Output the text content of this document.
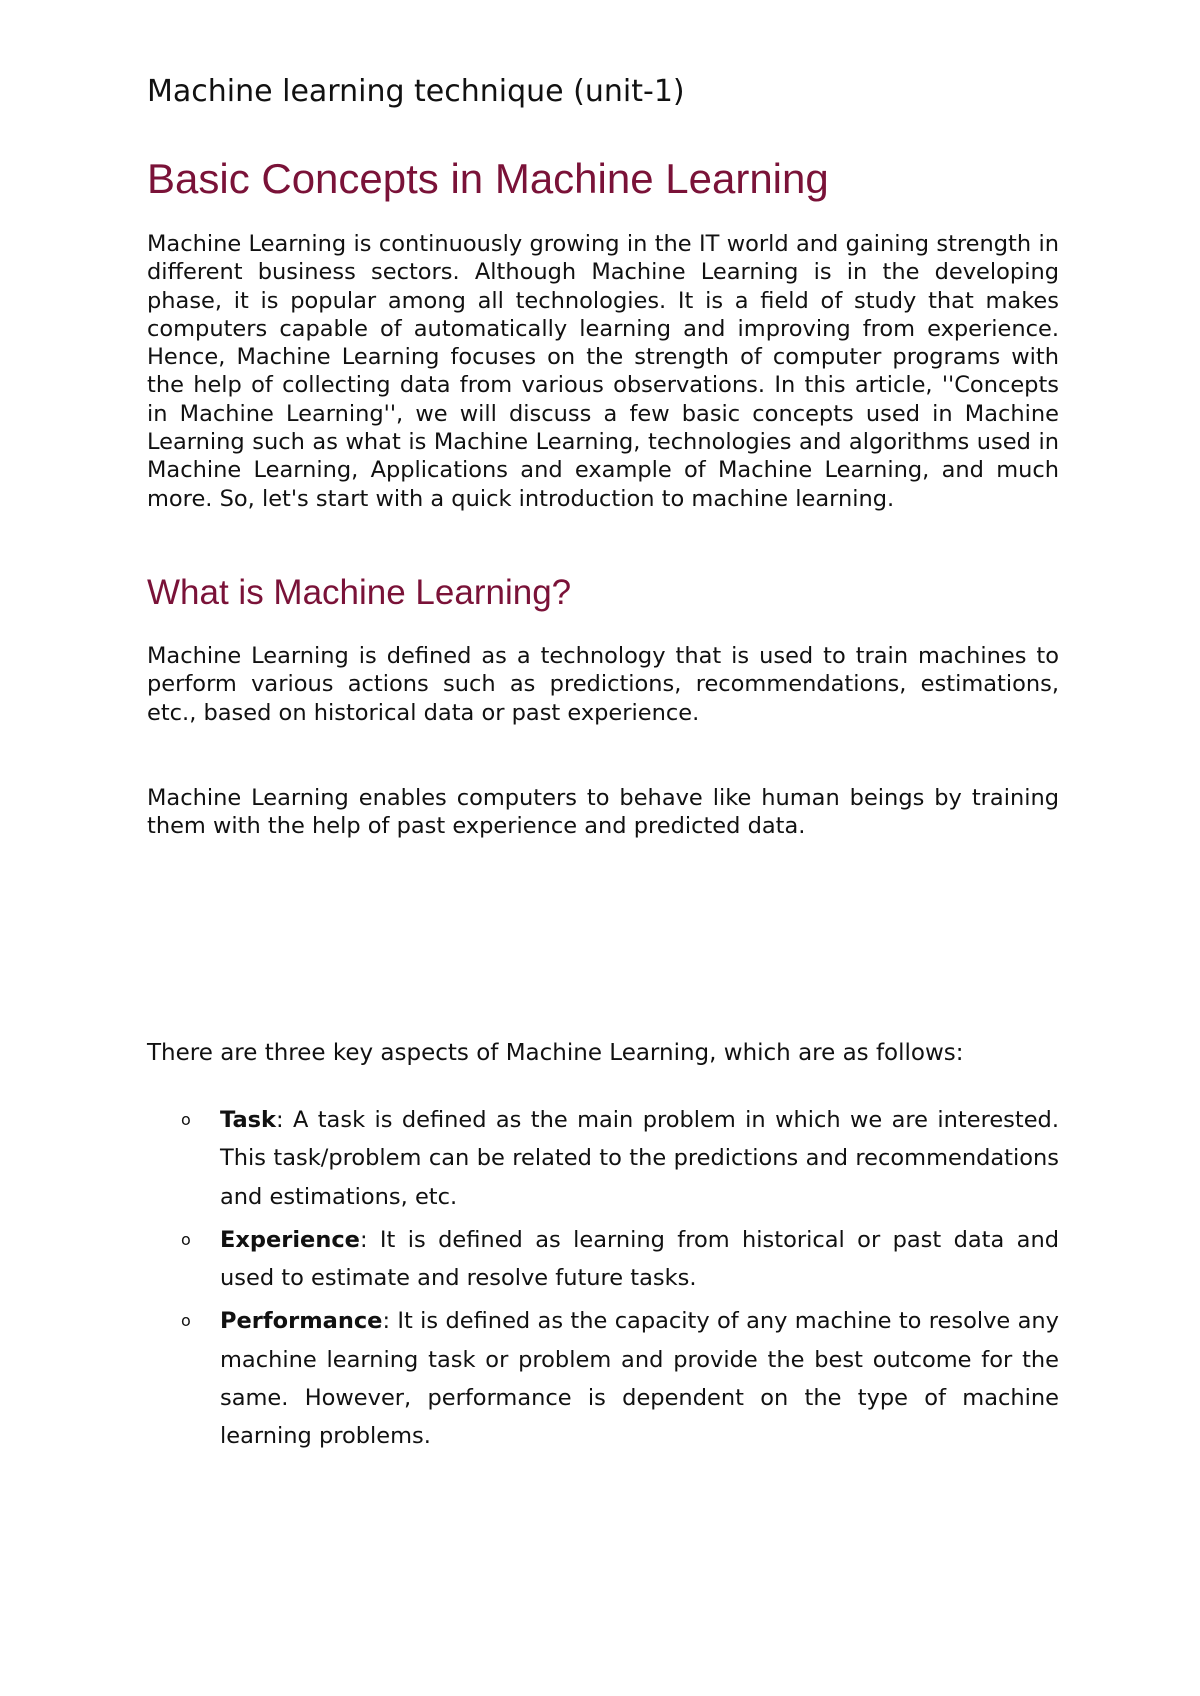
Machine learning technique (unit-1)
Basic Concepts in Machine Learning

Machine Learning is continuously growing in the IT world and gaining strength in different business sectors. Although Machine Learning is in the developing phase, it is popular among all technologies. It is a field of study that makes computers capable of automatically learning and improving from experience. Hence, Machine Learning focuses on the strength of computer programs with the help of collecting data from various observations. In this article, ''Concepts in Machine Learning'', we will discuss a few basic concepts used in Machine Learning such as what is Machine Learning, technologies and algorithms used in Machine Learning, Applications and example of Machine Learning, and much more. So, let's start with a quick introduction to machine learning.

What is Machine Learning?

Machine Learning is defined as a technology that is used to train machines to perform various actions such as predictions, recommendations, estimations, etc., based on historical data or past experience.

Machine Learning enables computers to behave like human beings by training them with the help of past experience and predicted data.

There are three key aspects of Machine Learning, which are as follows:

o Task: A task is defined as the main problem in which we are interested. This task/problem can be related to the predictions and recommendations and estimations, etc.
o Experience: It is defined as learning from historical or past data and used to estimate and resolve future tasks.
o Performance: It is defined as the capacity of any machine to resolve any machine learning task or problem and provide the best outcome for the same. However, performance is dependent on the type of machine learning problems.
